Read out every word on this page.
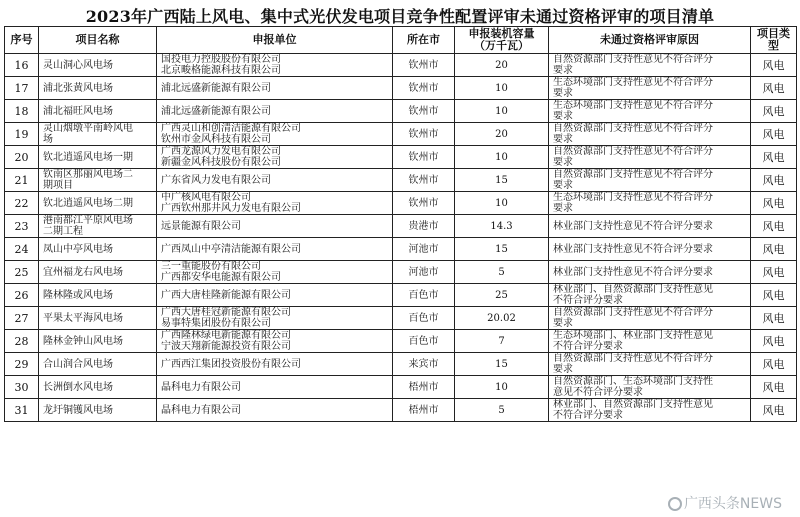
2023年广西陆上风电、集中式光伏发电项目竞争性配置评审未通过资格评审的项目清单
序号	项目名称	申报单位	所在市	申报装机容量（万千瓦）	未通过资格评审原因	项目类型
16	灵山洞心风电场	国投电力控股股份有限公司
北京畯格能源科技有限公司	钦州市	20	自然资源部门支持性意见不符合评分
要求	风电
17	浦北张黄风电场	浦北远盛新能源有限公司	钦州市	10	生态环境部门支持性意见不符合评分
要求	风电
18	浦北福旺风电场	浦北远盛新能源有限公司	钦州市	10	生态环境部门支持性意见不符合评分
要求	风电
19	灵山烟墩平南岭风电
场	广西灵山和创清洁能源有限公司
钦州市金风科技有限公司	钦州市	20	自然资源部门支持性意见不符合评分
要求	风电
20	钦北逍遥风电场一期	广西龙源风力发电有限公司
新疆金风科技股份有限公司	钦州市	10	自然资源部门支持性意见不符合评分
要求	风电
21	钦南区那丽风电场二
期项目	广东省风力发电有限公司	钦州市	15	自然资源部门支持性意见不符合评分
要求	风电
22	钦北逍遥风电场二期	中广核风电有限公司
广西钦州那井风力发电有限公司	钦州市	10	生态环境部门支持性意见不符合评分
要求	风电
23	港南都江平原风电场
二期工程	远景能源有限公司	贵港市	14.3	林业部门支持性意见不符合评分要求	风电
24	凤山中亭风电场	广西凤山中亭清洁能源有限公司	河池市	15	林业部门支持性意见不符合评分要求	风电
25	宜州福龙右风电场	三一重能股份有限公司
广西都安华电能源有限公司	河池市	5	林业部门支持性意见不符合评分要求	风电
26	隆林隆或风电场	广西大唐桂隆新能源有限公司	百色市	25	林业部门、自然资源部门支持性意见
不符合评分要求	风电
27	平果太平海风电场	广西大唐桂冠新能源有限公司
易事特集团股份有限公司	百色市	20.02	自然资源部门支持性意见不符合评分
要求	风电
28	隆林金钟山风电场	广西隆林绿电新能源有限公司
宁波天翔新能源投资有限公司	百色市	7	生态环境部门、林业部门支持性意见
不符合评分要求	风电
29	合山润合风电场	广西西江集团投资股份有限公司	来宾市	15	自然资源部门支持性意见不符合评分
要求	风电
30	长洲倒水风电场	晶科电力有限公司	梧州市	10	自然资源部门、生态环境部门支持性
意见不符合评分要求	风电
31	龙圩铜镬风电场	晶科电力有限公司	梧州市	5	林业部门、自然资源部门支持性意见
不符合评分要求	风电
广西头条NEWS
